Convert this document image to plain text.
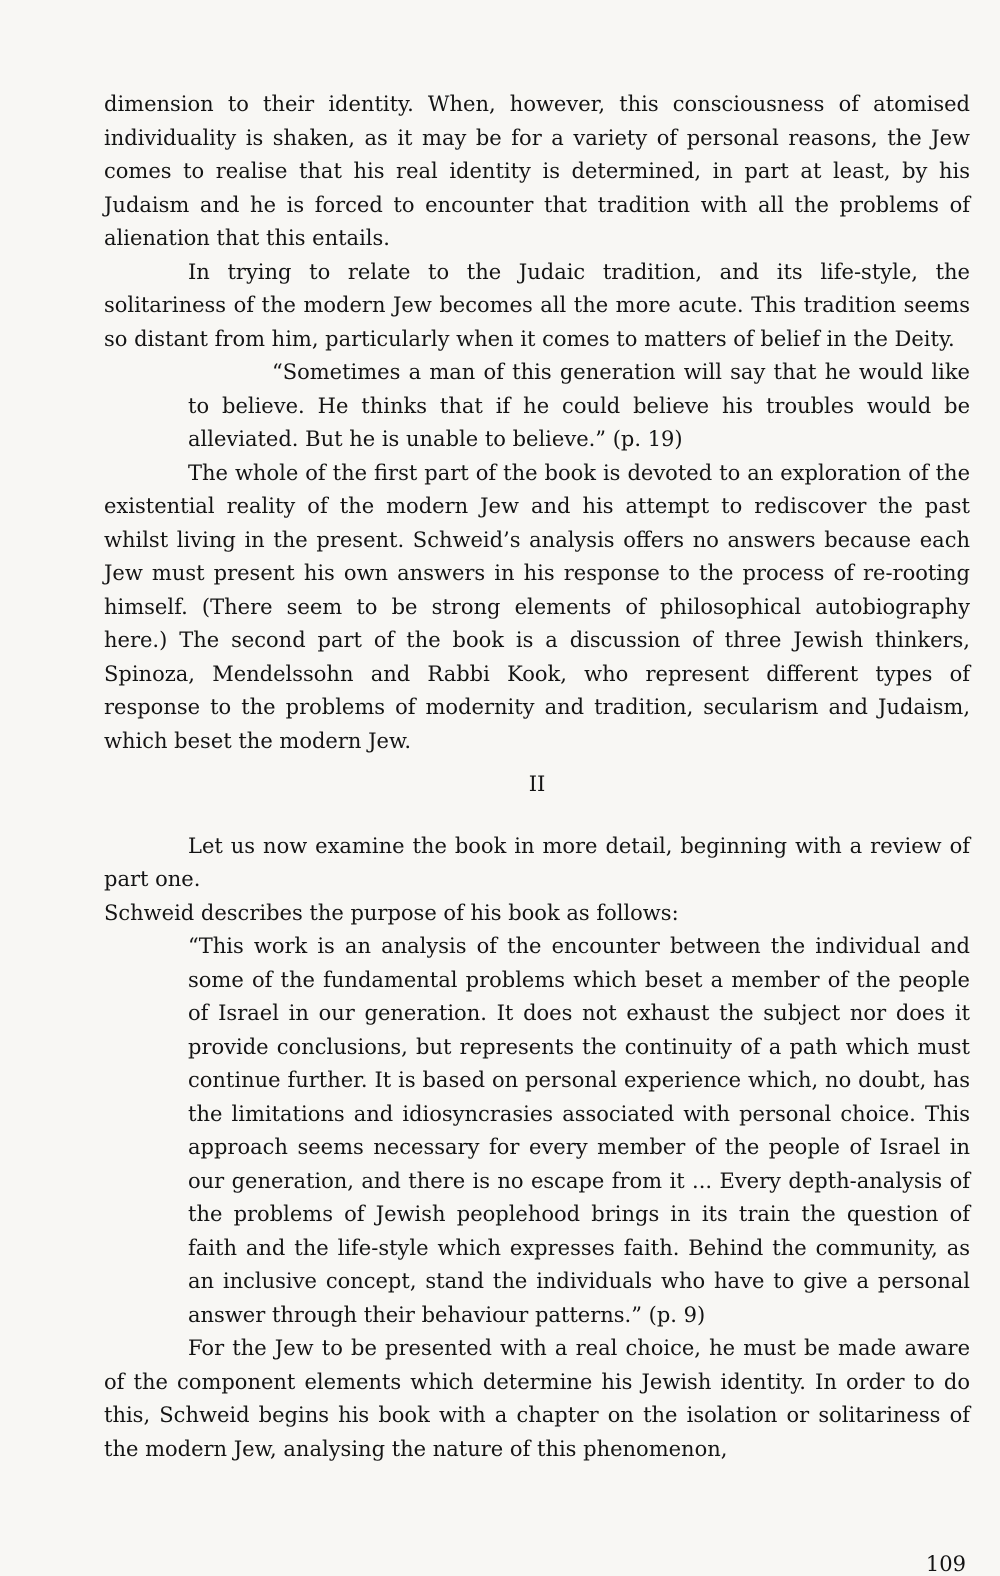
dimension to their identity. When, however, this consciousness of atomised individuality is shaken, as it may be for a variety of personal reasons, the Jew comes to realise that his real identity is determined, in part at least, by his Judaism and he is forced to encounter that tradition with all the problems of alienation that this entails.

In trying to relate to the Judaic tradition, and its life-style, the solitariness of the modern Jew becomes all the more acute. This tradition seems so distant from him, particularly when it comes to matters of belief in the Deity.

“Sometimes a man of this generation will say that he would like to believe. He thinks that if he could believe his troubles would be alleviated. But he is unable to believe.” (p. 19)

The whole of the first part of the book is devoted to an exploration of the existential reality of the modern Jew and his attempt to rediscover the past whilst living in the present. Schweid’s analysis offers no answers because each Jew must present his own answers in his response to the process of re-rooting himself. (There seem to be strong elements of philosophical autobiography here.) The second part of the book is a discussion of three Jewish thinkers, Spinoza, Mendelssohn and Rabbi Kook, who represent different types of response to the problems of modernity and tradition, secularism and Judaism, which beset the modern Jew.

II

Let us now examine the book in more detail, beginning with a review of part one.

Schweid describes the purpose of his book as follows:

“This work is an analysis of the encounter between the individual and some of the fundamental problems which beset a member of the people of Israel in our generation. It does not exhaust the subject nor does it provide conclusions, but represents the continuity of a path which must continue further. It is based on personal experience which, no doubt, has the limitations and idiosyncrasies associated with personal choice. This approach seems necessary for every member of the people of Israel in our generation, and there is no escape from it ... Every depth-analysis of the problems of Jewish peoplehood brings in its train the question of faith and the life-style which expresses faith. Behind the community, as an inclusive concept, stand the individuals who have to give a personal answer through their behaviour patterns.” (p. 9)

For the Jew to be presented with a real choice, he must be made aware of the component elements which determine his Jewish identity. In order to do this, Schweid begins his book with a chapter on the isolation or solitariness of the modern Jew, analysing the nature of this phenomenon,

109
